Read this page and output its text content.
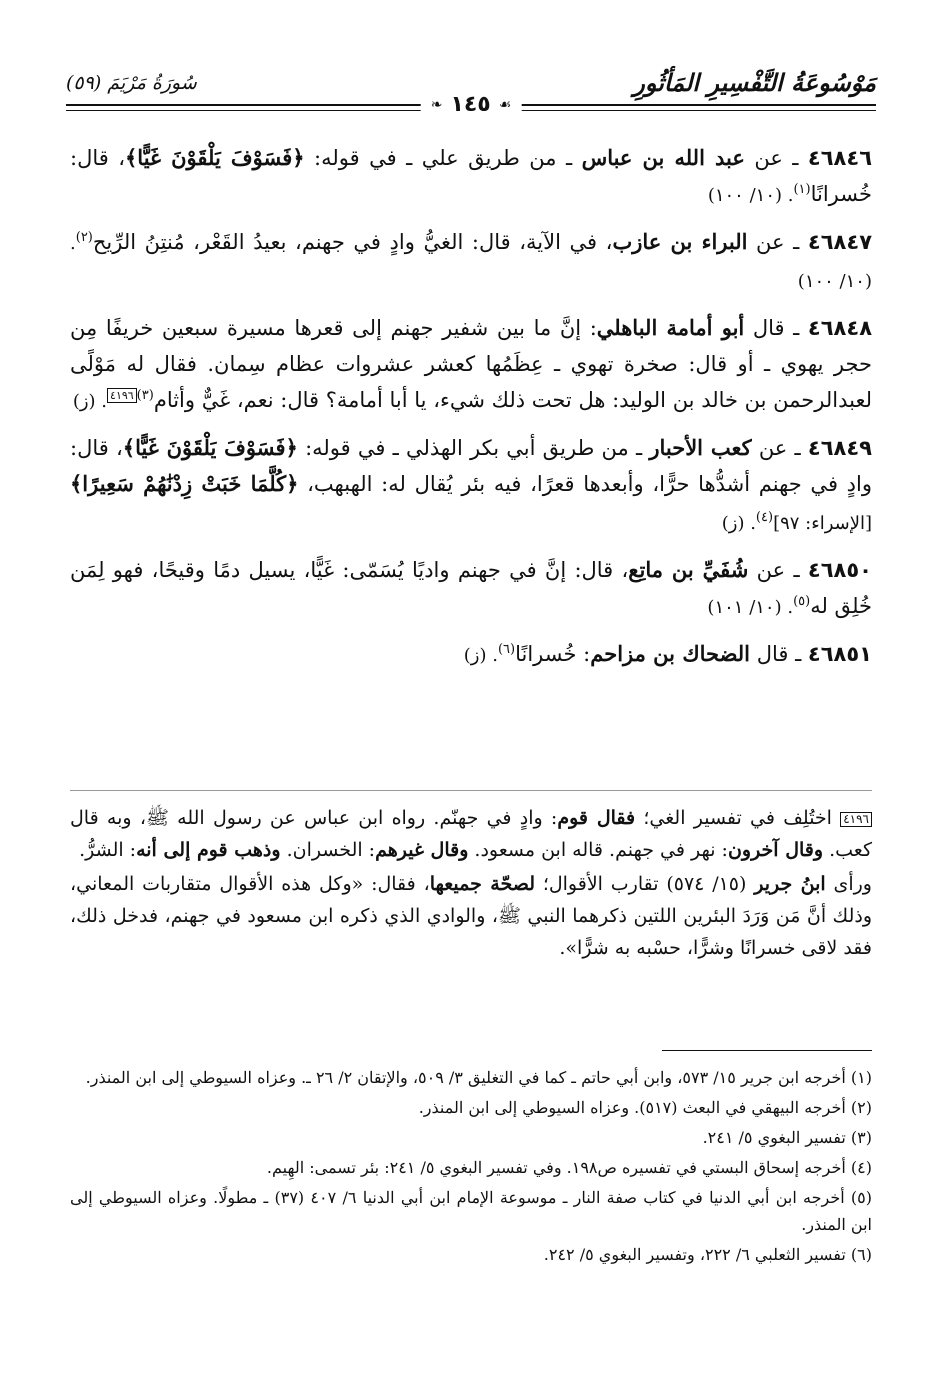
مَوْسُوعَةُ التَّفْسِيرِ المَأثُورِ
سُورَةُ مَرْيَمَ (٥٩)
❧ ١٤٥ ☙
٤٦٨٤٦ ـ عن عبد الله بن عباس ـ من طريق علي ـ في قوله: ﴿فَسَوْفَ يَلْقَوْنَ غَيًّا﴾، قال: خُسرانًا$^{(١)}$. (١٠/ ١٠٠)
٤٦٨٤٧ ـ عن البراء بن عازب، في الآية، قال: الغيُّ وادٍ في جهنم، بعيدُ القَعْر، مُنتِنُ الرِّيح$^{(٢)}$. (١٠/ ١٠٠)
٤٦٨٤٨ ـ قال أبو أمامة الباهلي: إنَّ ما بين شفير جهنم إلى قعرها مسيرة سبعين خريفًا مِن حجر يهوي ـ أو قال: صخرة تهوي ـ عِظَمُها كعشر عشروات عظام سِمان. فقال له مَوْلًى لعبدالرحمن بن خالد بن الوليد: هل تحت ذلك شيء، يا أبا أمامة؟ قال: نعم، غَيٌّ وأثام$^{(٣)}$٤١٩٦. (ز)
٤٦٨٤٩ ـ عن كعب الأحبار ـ من طريق أبي بكر الهذلي ـ في قوله: ﴿فَسَوْفَ يَلْقَوْنَ غَيًّا﴾، قال: وادٍ في جهنم أشدُّها حرًّا، وأبعدها قعرًا، فيه بئر يُقال له: الهبهب، ﴿كُلَّمَا خَبَتْ زِدْنَٰهُمْ سَعِيرًا﴾ [الإسراء: ٩٧]$^{(٤)}$. (ز)
٤٦٨٥٠ ـ عن شُفَيِّ بن ماتِع، قال: إنَّ في جهنم واديًا يُسَمّى: غَيًّا، يسيل دمًا وقيحًا، فهو لِمَن خُلِق له$^{(٥)}$. (١٠/ ١٠١)
٤٦٨٥١ ـ قال الضحاك بن مزاحم: خُسرانًا$^{(٦)}$. (ز)

٤١٩٦ اختُلِف في تفسير الغي؛ فقال قوم: وادٍ في جهنّم. رواه ابن عباس عن رسول الله ﷺ، وبه قال كعب. وقال آخرون: نهر في جهنم. قاله ابن مسعود. وقال غيرهم: الخسران. وذهب قوم إلى أنه: الشرُّ.

ورأى ابنُ جرير (١٥/ ٥٧٤) تقارب الأقوال؛ لصحّة جميعها، فقال: «وكل هذه الأقوال متقاربات المعاني، وذلك أنَّ مَن وَرَدَ البئرين اللتين ذكرهما النبي ﷺ، والوادي الذي ذكره ابن مسعود في جهنم، فدخل ذلك، فقد لاقى خسرانًا وشرًّا، حسْبه به شرًّا».

(١) أخرجه ابن جرير ١٥/ ٥٧٣، وابن أبي حاتم ـ كما في التغليق ٣/ ٥٠٩، والإتقان ٢/ ٢٦ ـ. وعزاه السيوطي إلى ابن المنذر.

(٢) أخرجه البيهقي في البعث (٥١٧). وعزاه السيوطي إلى ابن المنذر.

(٣) تفسير البغوي ٥/ ٢٤١.

(٤) أخرجه إسحاق البستي في تفسيره ص١٩٨. وفي تفسير البغوي ٥/ ٢٤١: بئر تسمى: الهِيم.

(٥) أخرجه ابن أبي الدنيا في كتاب صفة النار ـ موسوعة الإمام ابن أبي الدنيا ٦/ ٤٠٧ (٣٧) ـ مطولًا. وعزاه السيوطي إلى ابن المنذر.

(٦) تفسير الثعلبي ٦/ ٢٢٢، وتفسير البغوي ٥/ ٢٤٢.
